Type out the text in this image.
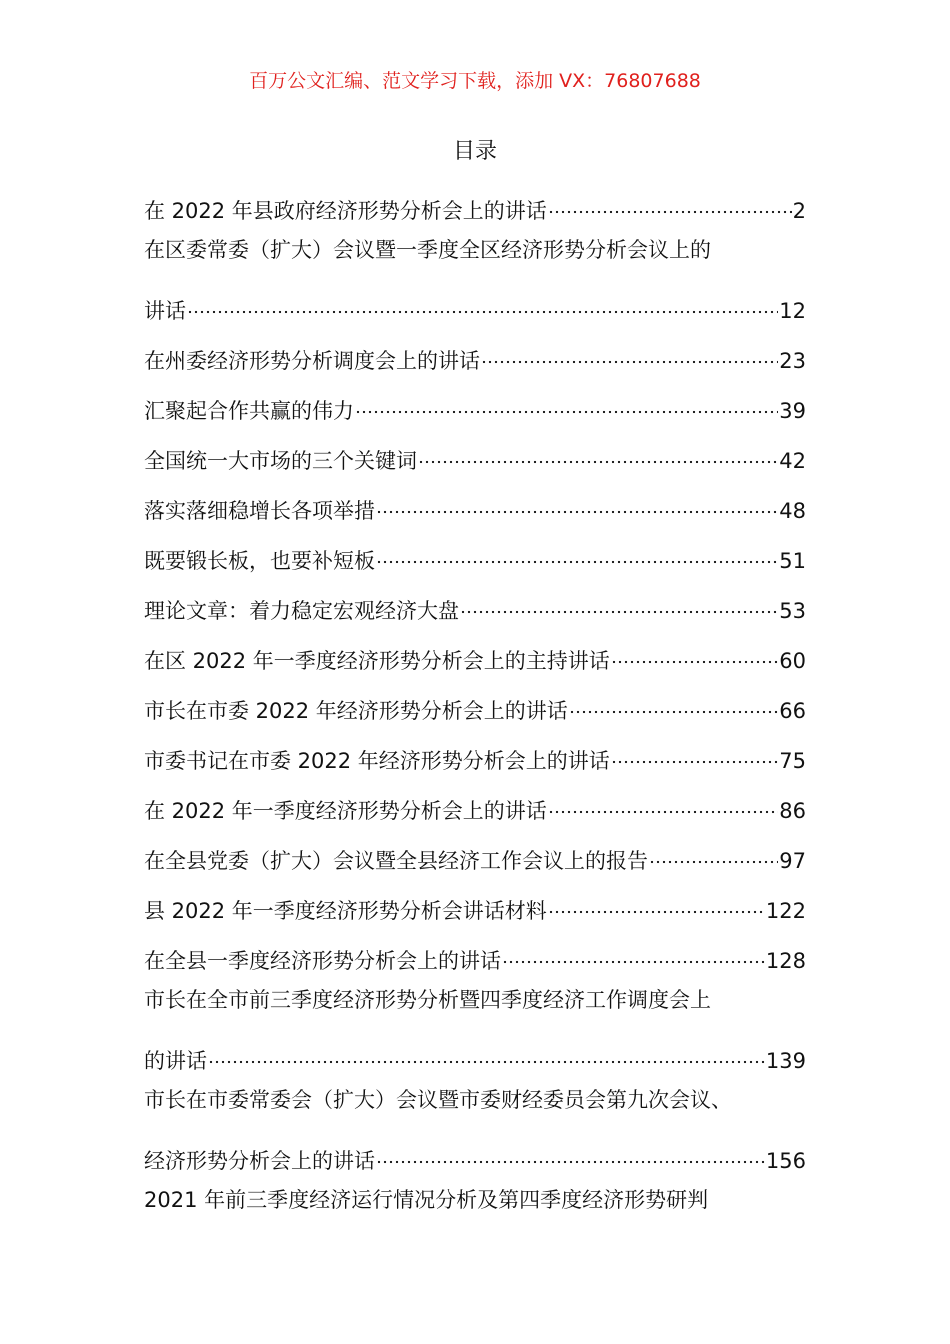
百万公文汇编、范文学习下载，添加 VX：76807688
目录
在 2022 年县政府经济形势分析会上的讲话	2
在区委常委（扩大）会议暨一季度全区经济形势分析会议上的
讲话	12
在州委经济形势分析调度会上的讲话	23
汇聚起合作共赢的伟力	39
全国统一大市场的三个关键词	42
落实落细稳增长各项举措	48
既要锻长板，也要补短板	51
理论文章：着力稳定宏观经济大盘	53
在区 2022 年一季度经济形势分析会上的主持讲话	60
市长在市委 2022 年经济形势分析会上的讲话	66
市委书记在市委 2022 年经济形势分析会上的讲话	75
在 2022 年一季度经济形势分析会上的讲话	86
在全县党委（扩大）会议暨全县经济工作会议上的报告	97
县 2022 年一季度经济形势分析会讲话材料	122
在全县一季度经济形势分析会上的讲话	128
市长在全市前三季度经济形势分析暨四季度经济工作调度会上
的讲话	139
市长在市委常委会（扩大）会议暨市委财经委员会第九次会议、
经济形势分析会上的讲话	156
2021 年前三季度经济运行情况分析及第四季度经济形势研判
